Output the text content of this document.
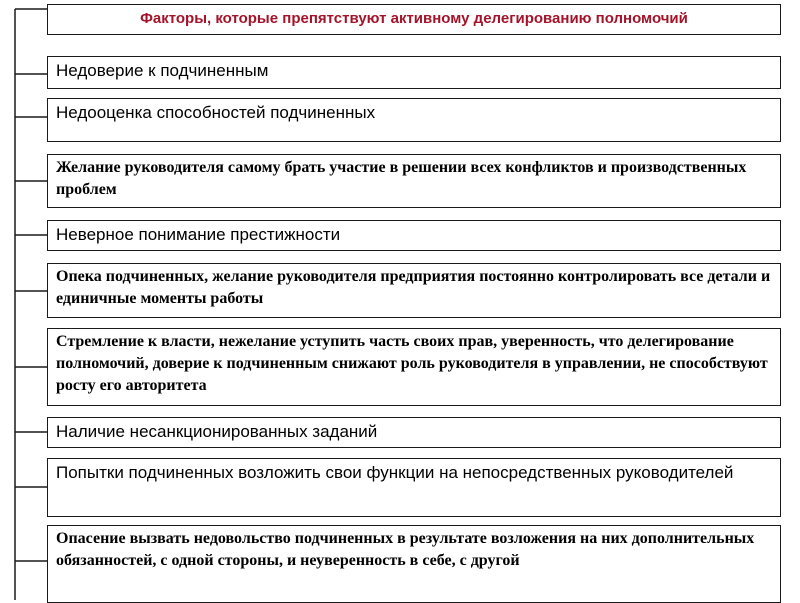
Факторы, которые препятствуют активному делегированию полномочий
Недоверие к подчиненным
Недооценка способностей подчиненных
Желание руководителя самому брать участие в решении всех конфликтов и производственных проблем
Неверное понимание престижности
Опека подчиненных, желание руководителя предприятия постоянно контролировать все детали и единичные моменты работы
Стремление к власти, нежелание уступить часть своих прав, уверенность, что делегирование полномочий, доверие к подчиненным снижают роль руководителя в управлении, не способствуют росту его авторитета
Наличие несанкционированных заданий
Попытки подчиненных возложить свои функции на непосредственных руководителей
Опасение вызвать недовольство подчиненных в результате возложения на них дополнительных обязанностей, с одной стороны, и неуверенность в себе, с другой
